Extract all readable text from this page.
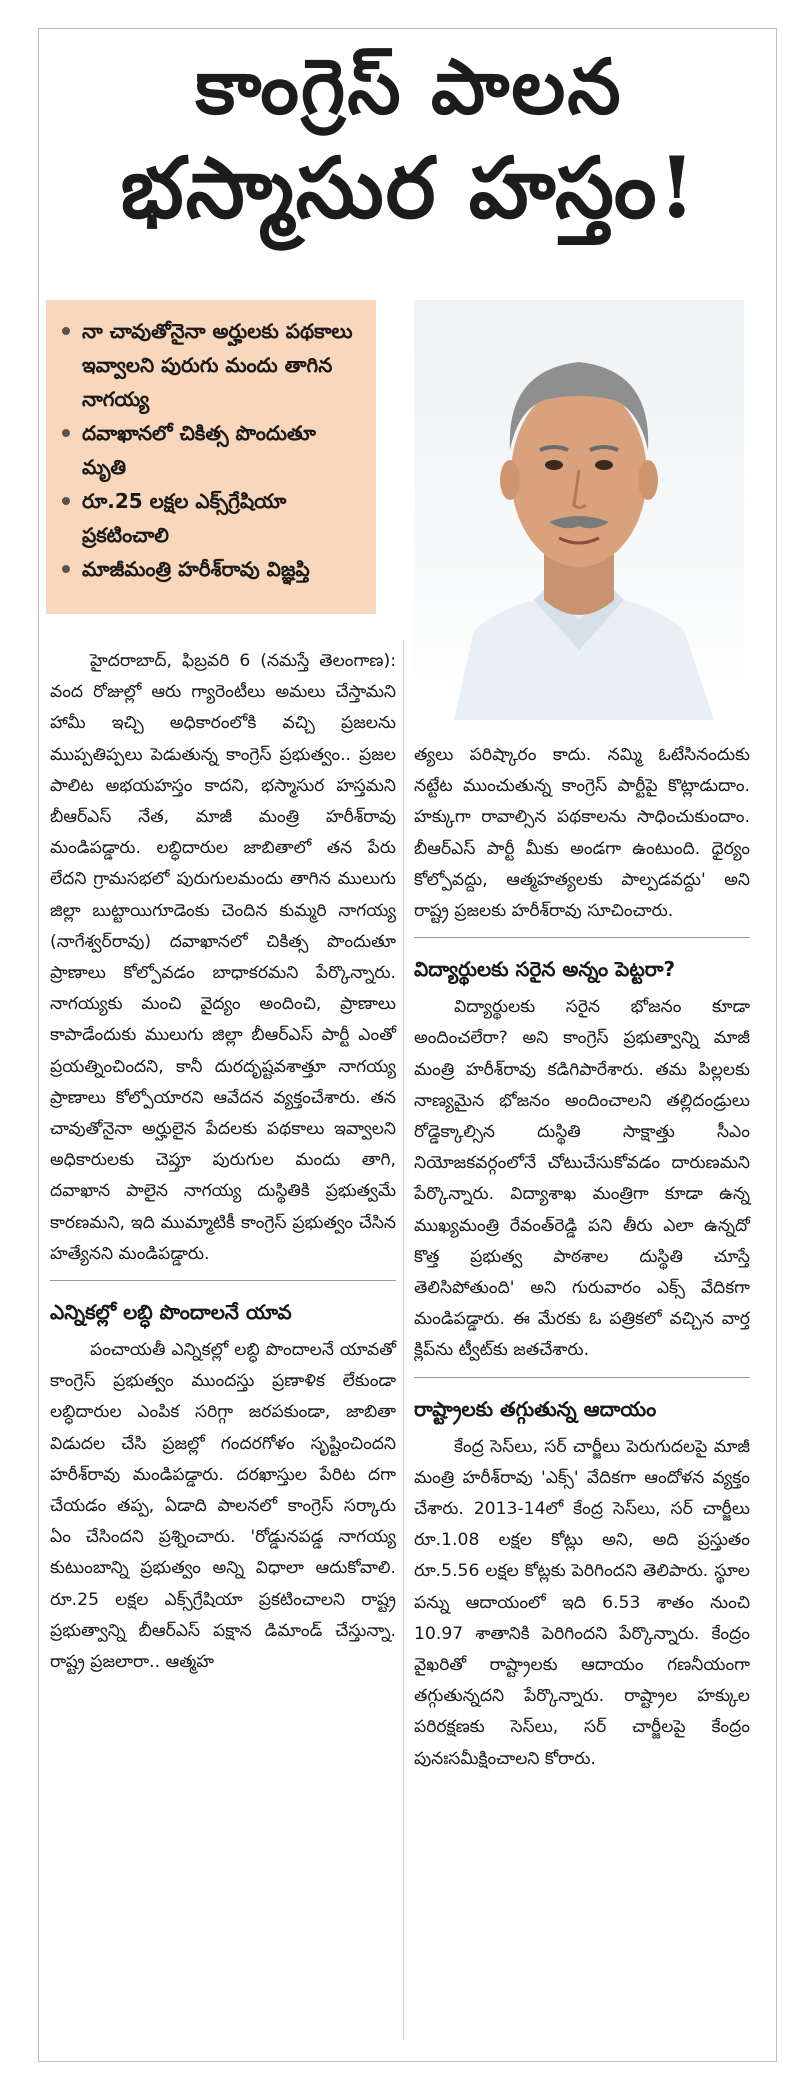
కాంగ్రెస్ పాలన
భస్మాసుర హస్తం!
నా చావుతోనైనా అర్హులకు పథకాలు ఇవ్వాలని పురుగు మందు తాగిన నాగయ్య
దవాఖానలో చికిత్స పొందుతూ మృతి
రూ.25 లక్షల ఎక్స్‌గ్రేషియా ప్రకటించాలి
మాజీమంత్రి హరీశ్‌రావు విజ్ఞప్తి

హైదరాబాద్, ఫిబ్రవరి 6 (నమస్తే తెలంగాణ): వంద రోజుల్లో ఆరు గ్యారెంటీలు అమలు చేస్తామని హామీ ఇచ్చి అధికారంలోకి వచ్చి ప్రజలను ముప్పతిప్పలు పెడుతున్న కాంగ్రెస్ ప్రభుత్వం.. ప్రజల పాలిట అభయహస్తం కాదని, భస్మాసుర హస్తమని బీఆర్‌ఎస్ నేత, మాజీ మంత్రి హరీశ్‌రావు మండిపడ్డారు. లబ్ధిదారుల జాబితాలో తన పేరు లేదని గ్రామసభలో పురుగులమందు తాగిన ములుగు జిల్లా బుట్టాయిగూడెంకు చెందిన కుమ్మరి నాగయ్య (నాగేశ్వర్‌రావు) దవాఖానలో చికిత్స పొందుతూ ప్రాణాలు కోల్పోవడం బాధాకరమని పేర్కొన్నారు. నాగయ్యకు మంచి వైద్యం అందించి, ప్రాణాలు కాపాడేందుకు ములుగు జిల్లా బీఆర్‌ఎస్ పార్టీ ఎంతో ప్రయత్నించిందని, కానీ దురదృష్టవశాత్తూ నాగయ్య ప్రాణాలు కోల్పోయారని ఆవేదన వ్యక్తంచేశారు. తన చావుతోనైనా అర్హులైన పేదలకు పథకాలు ఇవ్వాలని అధికారులకు చెప్తూ పురుగుల మందు తాగి, దవాఖాన పాలైన నాగయ్య దుస్థితికి ప్రభుత్వమే కారణమని, ఇది ముమ్మాటికీ కాంగ్రెస్ ప్రభుత్వం చేసిన హత్యేనని మండిపడ్డారు.

ఎన్నికల్లో లబ్ధి పొందాలనే యావ

పంచాయతీ ఎన్నికల్లో లబ్ధి పొందాలనే యావతో కాంగ్రెస్ ప్రభుత్వం ముందస్తు ప్రణాళిక లేకుండా లబ్ధిదారుల ఎంపిక సరిగ్గా జరపకుండా, జాబితా విడుదల చేసి ప్రజల్లో గందరగోళం సృష్టించిందని హరీశ్‌రావు మండిపడ్డారు. దరఖాస్తుల పేరిట దగా చేయడం తప్ప, ఏడాది పాలనలో కాంగ్రెస్ సర్కారు ఏం చేసిందని ప్రశ్నించారు. 'రోడ్డునపడ్డ నాగయ్య కుటుంబాన్ని ప్రభుత్వం అన్ని విధాలా ఆదుకోవాలి. రూ.25 లక్షల ఎక్స్‌గ్రేషియా ప్రకటించాలని రాష్ట్ర ప్రభుత్వాన్ని బీఆర్‌ఎస్ పక్షాన డిమాండ్ చేస్తున్నా. రాష్ట్ర ప్రజలారా.. ఆత్మహ

త్యలు పరిష్కారం కాదు. నమ్మి ఓటేసినందుకు నట్టేట ముంచుతున్న కాంగ్రెస్ పార్టీపై కొట్లాడుదాం. హక్కుగా రావాల్సిన పథకాలను సాధించుకుందాం. బీఆర్‌ఎస్ పార్టీ మీకు అండగా ఉంటుంది. ధైర్యం కోల్పోవద్దు, ఆత్మహత్యలకు పాల్పడవద్దు' అని రాష్ట్ర ప్రజలకు హరీశ్‌రావు సూచించారు.

విద్యార్థులకు సరైన అన్నం పెట్టరా?

విద్యార్థులకు సరైన భోజనం కూడా అందించలేరా? అని కాంగ్రెస్ ప్రభుత్వాన్ని మాజీ మంత్రి హరీశ్‌రావు కడిగిపారేశారు. తమ పిల్లలకు నాణ్యమైన భోజనం అందించాలని తల్లిదండ్రులు రోడ్డెక్కాల్సిన దుస్థితి సాక్షాత్తు సీఎం నియోజకవర్గంలోనే చోటుచేసుకోవడం దారుణమని పేర్కొన్నారు. విద్యాశాఖ మంత్రిగా కూడా ఉన్న ముఖ్యమంత్రి రేవంత్‌రెడ్డి పని తీరు ఎలా ఉన్నదో కొత్త ప్రభుత్వ పాఠశాల దుస్థితి చూస్తే తెలిసిపోతుంది' అని గురువారం ఎక్స్ వేదికగా మండిపడ్డారు. ఈ మేరకు ఓ పత్రికలో వచ్చిన వార్త క్లిప్‌ను ట్వీట్‌కు జతచేశారు.

రాష్ట్రాలకు తగ్గుతున్న ఆదాయం

కేంద్ర సెస్‌లు, సర్ చార్జీలు పెరుగుదలపై మాజీ మంత్రి హరీశ్‌రావు 'ఎక్స్' వేదికగా ఆందోళన వ్యక్తం చేశారు. 2013-14లో కేంద్ర సెస్‌లు, సర్ చార్జీలు రూ.1.08 లక్షల కోట్లు అని, అది ప్రస్తుతం రూ.5.56 లక్షల కోట్లకు పెరిగిందని తెలిపారు. స్థూల పన్ను ఆదాయంలో ఇది 6.53 శాతం నుంచి 10.97 శాతానికి పెరిగిందని పేర్కొన్నారు. కేంద్రం వైఖరితో రాష్ట్రాలకు ఆదాయం గణనీయంగా తగ్గుతున్నదని పేర్కొన్నారు. రాష్ట్రాల హక్కుల పరిరక్షణకు సెస్‌లు, సర్ చార్జీలపై కేంద్రం పునఃసమీక్షించాలని కోరారు.
